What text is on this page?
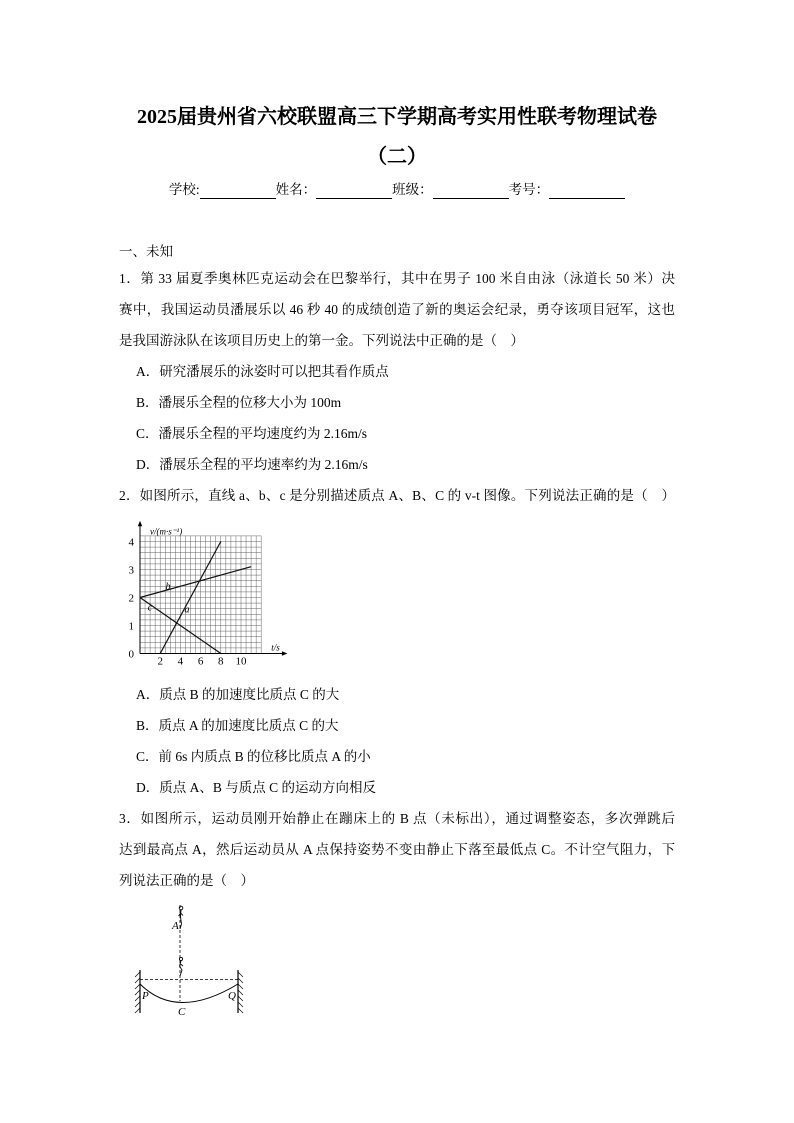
2025届贵州省六校联盟高三下学期高考实用性联考物理试卷
（二）
学校:	姓名：	班级：	考号：
一、未知
1．第 33 届夏季奥林匹克运动会在巴黎举行，其中在男子 100 米自由泳（泳道长 50 米）决
赛中，我国运动员潘展乐以 46 秒 40 的成绩创造了新的奥运会纪录，勇夺该项目冠军，这也
是我国游泳队在该项目历史上的第一金。下列说法中正确的是（　）
A．研究潘展乐的泳姿时可以把其看作质点
B．潘展乐全程的位移大小为 100m
C．潘展乐全程的平均速度约为 2.16m/s
D．潘展乐全程的平均速率约为 2.16m/s
2．如图所示，直线 a、b、c 是分别描述质点 A、B、C 的 v-t 图像。下列说法正确的是（　）
v/(m·s⁻¹)
t/s
0
1
2
3
4
2 4 6 8 10
a
b
c
A．质点 B 的加速度比质点 C 的大
B．质点 A 的加速度比质点 C 的大
C．前 6s 内质点 B 的位移比质点 A 的小
D．质点 A、B 与质点 C 的运动方向相反
3．如图所示，运动员刚开始静止在蹦床上的 B 点（未标出），通过调整姿态，多次弹跳后
达到最高点 A，然后运动员从 A 点保持姿势不变由静止下落至最低点 C。不计空气阻力，下
列说法正确的是（　）
A
P	Q
C
